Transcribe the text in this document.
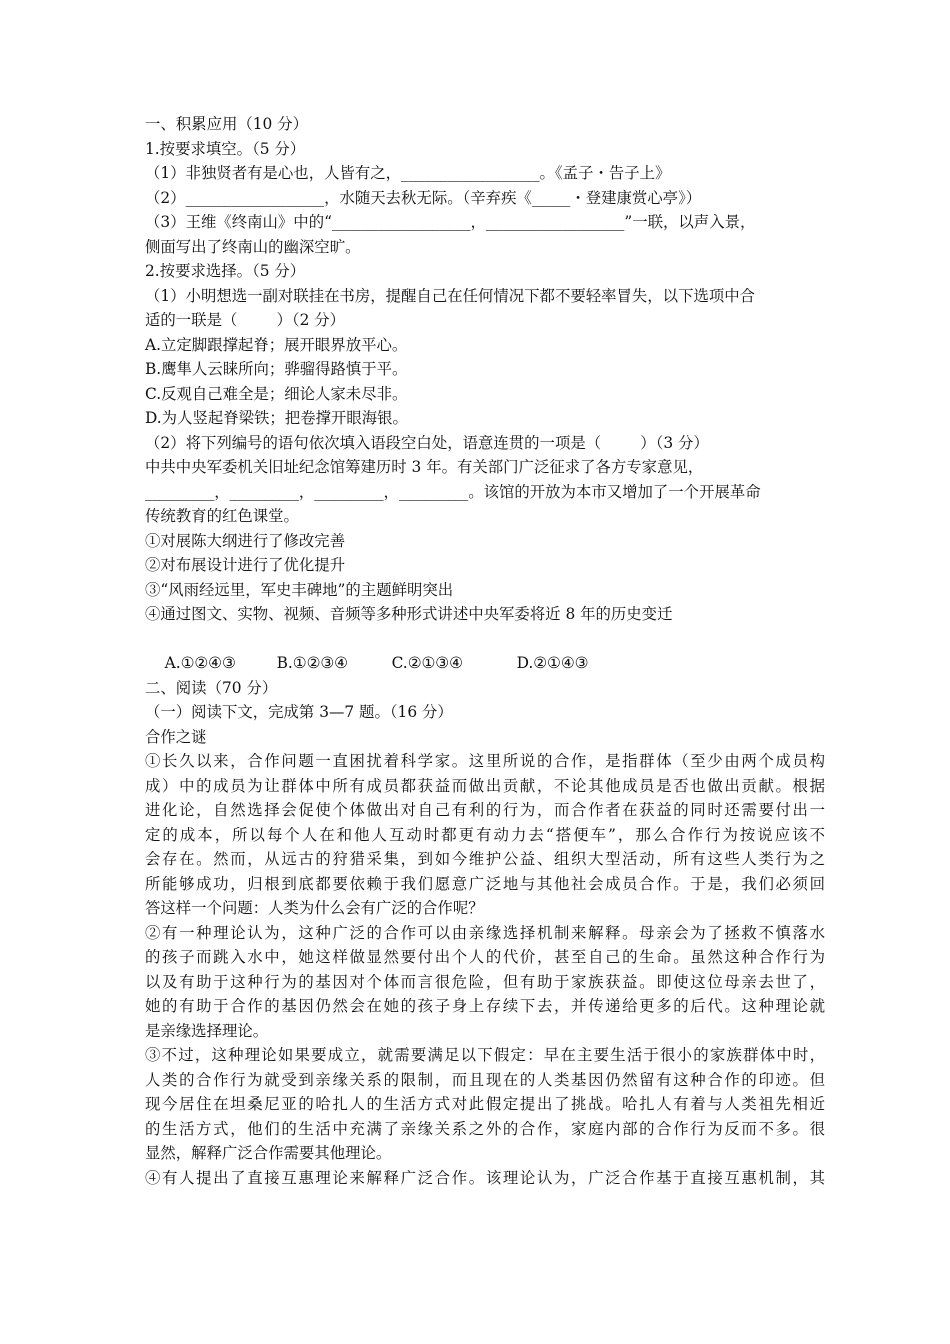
一、积累应用（10 分）
1.按要求填空。（5 分）
（1）非独贤者有是心也，人皆有之，__________________。《孟子・告子上》
（2）__________________，水随天去秋无际。（辛弃疾《_____・登建康赏心亭》）
（3）王维《终南山》中的“__________________，__________________”一联，以声入景，
侧面写出了终南山的幽深空旷。
2.按要求选择。（5 分）
（1）小明想选一副对联挂在书房，提醒自己在任何情况下都不要轻率冒失，以下选项中合
适的一联是（        ）（2 分）
A.立定脚跟撑起脊；展开眼界放平心。
B.鹰隼人云睐所向；骅骝得路慎于平。
C.反观自己难全是；细论人家未尽非。
D.为人竖起脊梁铁；把卷撑开眼海银。
（2）将下列编号的语句依次填入语段空白处，语意连贯的一项是（        ）（3 分）
中共中央军委机关旧址纪念馆筹建历时 3 年。有关部门广泛征求了各方专家意见，
_________，_________，_________，_________。该馆的开放为本市又增加了一个开展革命
传统教育的红色课堂。
①对展陈大纲进行了修改完善
②对布展设计进行了优化提升
③“风雨经远里，军史丰碑地”的主题鲜明突出
④通过图文、实物、视频、音频等多种形式讲述中央军委将近 8 年的历史变迁

A.①②④③	B.①②③④	C.②①③④	D.②①④③

二、阅读（70 分）
（一）阅读下文，完成第 3—7 题。（16 分）
合作之谜
①长久以来，合作问题一直困扰着科学家。这里所说的合作，是指群体（至少由两个成员构
成）中的成员为让群体中所有成员都获益而做出贡献，不论其他成员是否也做出贡献。根据
进化论，自然选择会促使个体做出对自己有利的行为，而合作者在获益的同时还需要付出一
定的成本，所以每个人在和他人互动时都更有动力去“搭便车”，那么合作行为按说应该不
会存在。然而，从远古的狩猎采集，到如今维护公益、组织大型活动，所有这些人类行为之
所能够成功，归根到底都要依赖于我们愿意广泛地与其他社会成员合作。于是，我们必须回
答这样一个问题：人类为什么会有广泛的合作呢？
②有一种理论认为，这种广泛的合作可以由亲缘选择机制来解释。母亲会为了拯救不慎落水
的孩子而跳入水中，她这样做显然要付出个人的代价，甚至自己的生命。虽然这种合作行为
以及有助于这种行为的基因对个体而言很危险，但有助于家族获益。即使这位母亲去世了，
她的有助于合作的基因仍然会在她的孩子身上存续下去，并传递给更多的后代。这种理论就
是亲缘选择理论。
③不过，这种理论如果要成立，就需要满足以下假定：早在主要生活于很小的家族群体中时，
人类的合作行为就受到亲缘关系的限制，而且现在的人类基因仍然留有这种合作的印迹。但
现今居住在坦桑尼亚的哈扎人的生活方式对此假定提出了挑战。哈扎人有着与人类祖先相近
的生活方式，他们的生活中充满了亲缘关系之外的合作，家庭内部的合作行为反而不多。很
显然，解释广泛合作需要其他理论。
④有人提出了直接互惠理论来解释广泛合作。该理论认为，广泛合作基于直接互惠机制，其
